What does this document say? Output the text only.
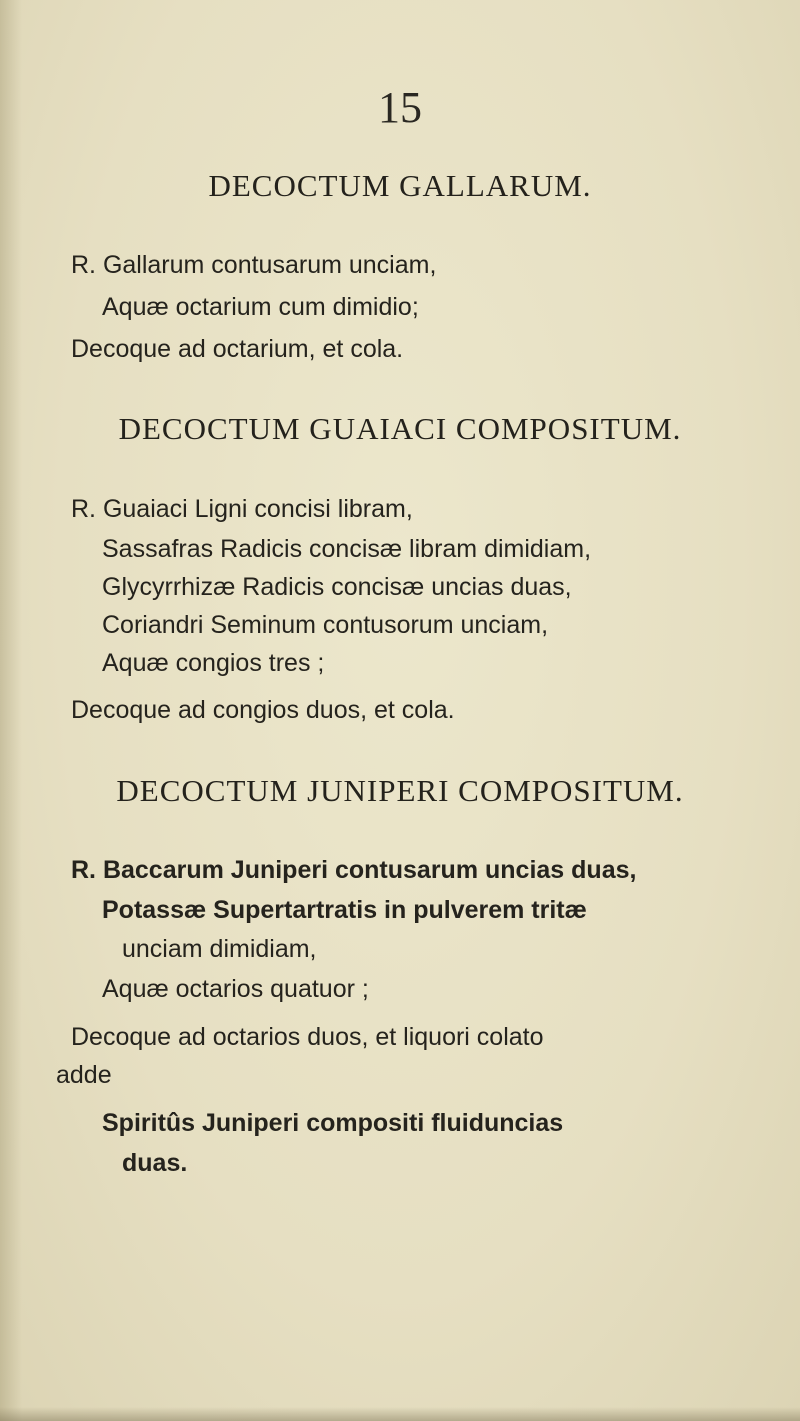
15
DECOCTUM GALLARUM.
R. Gallarum contusarum unciam,
Aquæ octarium cum dimidio;
Decoque ad octarium, et cola.
DECOCTUM GUAIACI COMPOSITUM.
R. Guaiaci Ligni concisi libram,
Sassafras Radicis concisæ libram dimidiam,
Glycyrrhizæ Radicis concisæ uncias duas,
Coriandri Seminum contusorum unciam,
Aquæ congios tres ;
Decoque ad congios duos, et cola.
DECOCTUM JUNIPERI COMPOSITUM.
R. Baccarum Juniperi contusarum uncias duas,
Potassæ Supertartratis in pulverem tritæ
unciam dimidiam,
Aquæ octarios quatuor ;
Decoque ad octarios duos, et liquori colato
adde
Spiritûs Juniperi compositi fluiduncias
duas.
